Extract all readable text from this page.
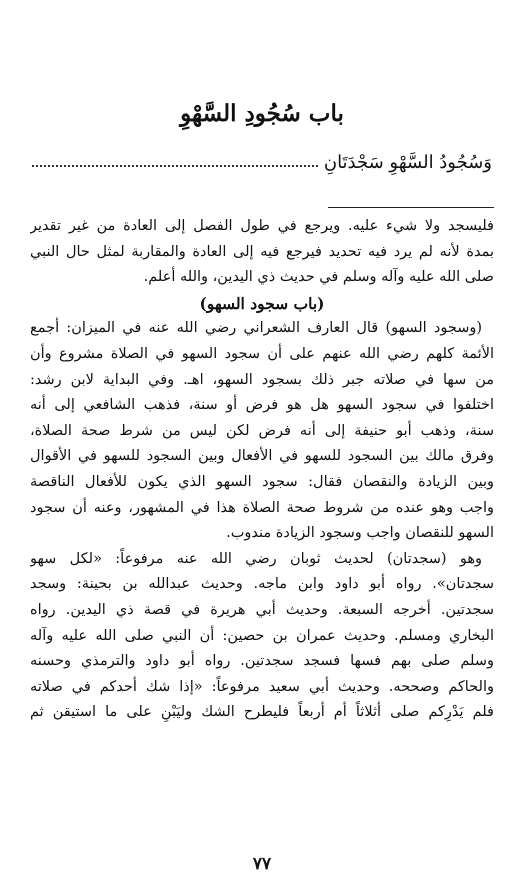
باب سُجُودِ السَّهْوِ
وَسُجُودُ السَّهْوِ سَجْدَتَانِ
فليسجد ولا شيء عليه. ويرجع في طول الفصل إلى العادة من غير تقدير
بمدة لأنه لم يرد فيه تحديد فيرجع فيه إلى العادة والمقاربة لمثل حال النبي
صلى الله عليه وآله وسلم في حديث ذي اليدين، والله أعلم.
(باب سجود السهو)
(وسجود السهو) قال العارف الشعراني رضي الله عنه في الميزان: أجمع
الأئمة كلهم رضي الله عنهم على أن سجود السهو في الصلاة مشروع وأن
من سها في صلاته جبر ذلك بسجود السهو، اهـ. وفي البداية لابن رشد:
اختلفوا في سجود السهو هل هو فرض أو سنة، فذهب الشافعي إلى أنه
سنة، وذهب أبو حنيفة إلى أنه فرض لكن ليس من شرط صحة الصلاة،
وفرق مالك بين السجود للسهو في الأفعال وبين السجود للسهو في الأقوال
وبين الزيادة والنقصان فقال: سجود السهو الذي يكون للأفعال الناقصة
واجب وهو عنده من شروط صحة الصلاة هذا في المشهور، وعنه أن سجود
السهو للنقصان واجب وسجود الزيادة مندوب.
وهو (سجدتان) لحديث ثوبان رضي الله عنه مرفوعاً: «لكل سهو
سجدتان». رواه أبو داود وابن ماجه. وحديث عبدالله بن بحينة: وسجد
سجدتين. أخرجه السبعة. وحديث أبي هريرة في قصة ذي اليدين. رواه
البخاري ومسلم. وحديث عمران بن حصين: أن النبي صلى الله عليه وآله
وسلم صلى بهم فسها فسجد سجدتين. رواه أبو داود والترمذي وحسنه
والحاكم وصححه. وحديث أبي سعيد مرفوعاً: «إذا شك أحدكم في صلاته
فلم يَدْرِكم صلى أثلاثاً أم أربعاً فليطرح الشك وليَبْنِ على ما استيقن ثم
٧٧
